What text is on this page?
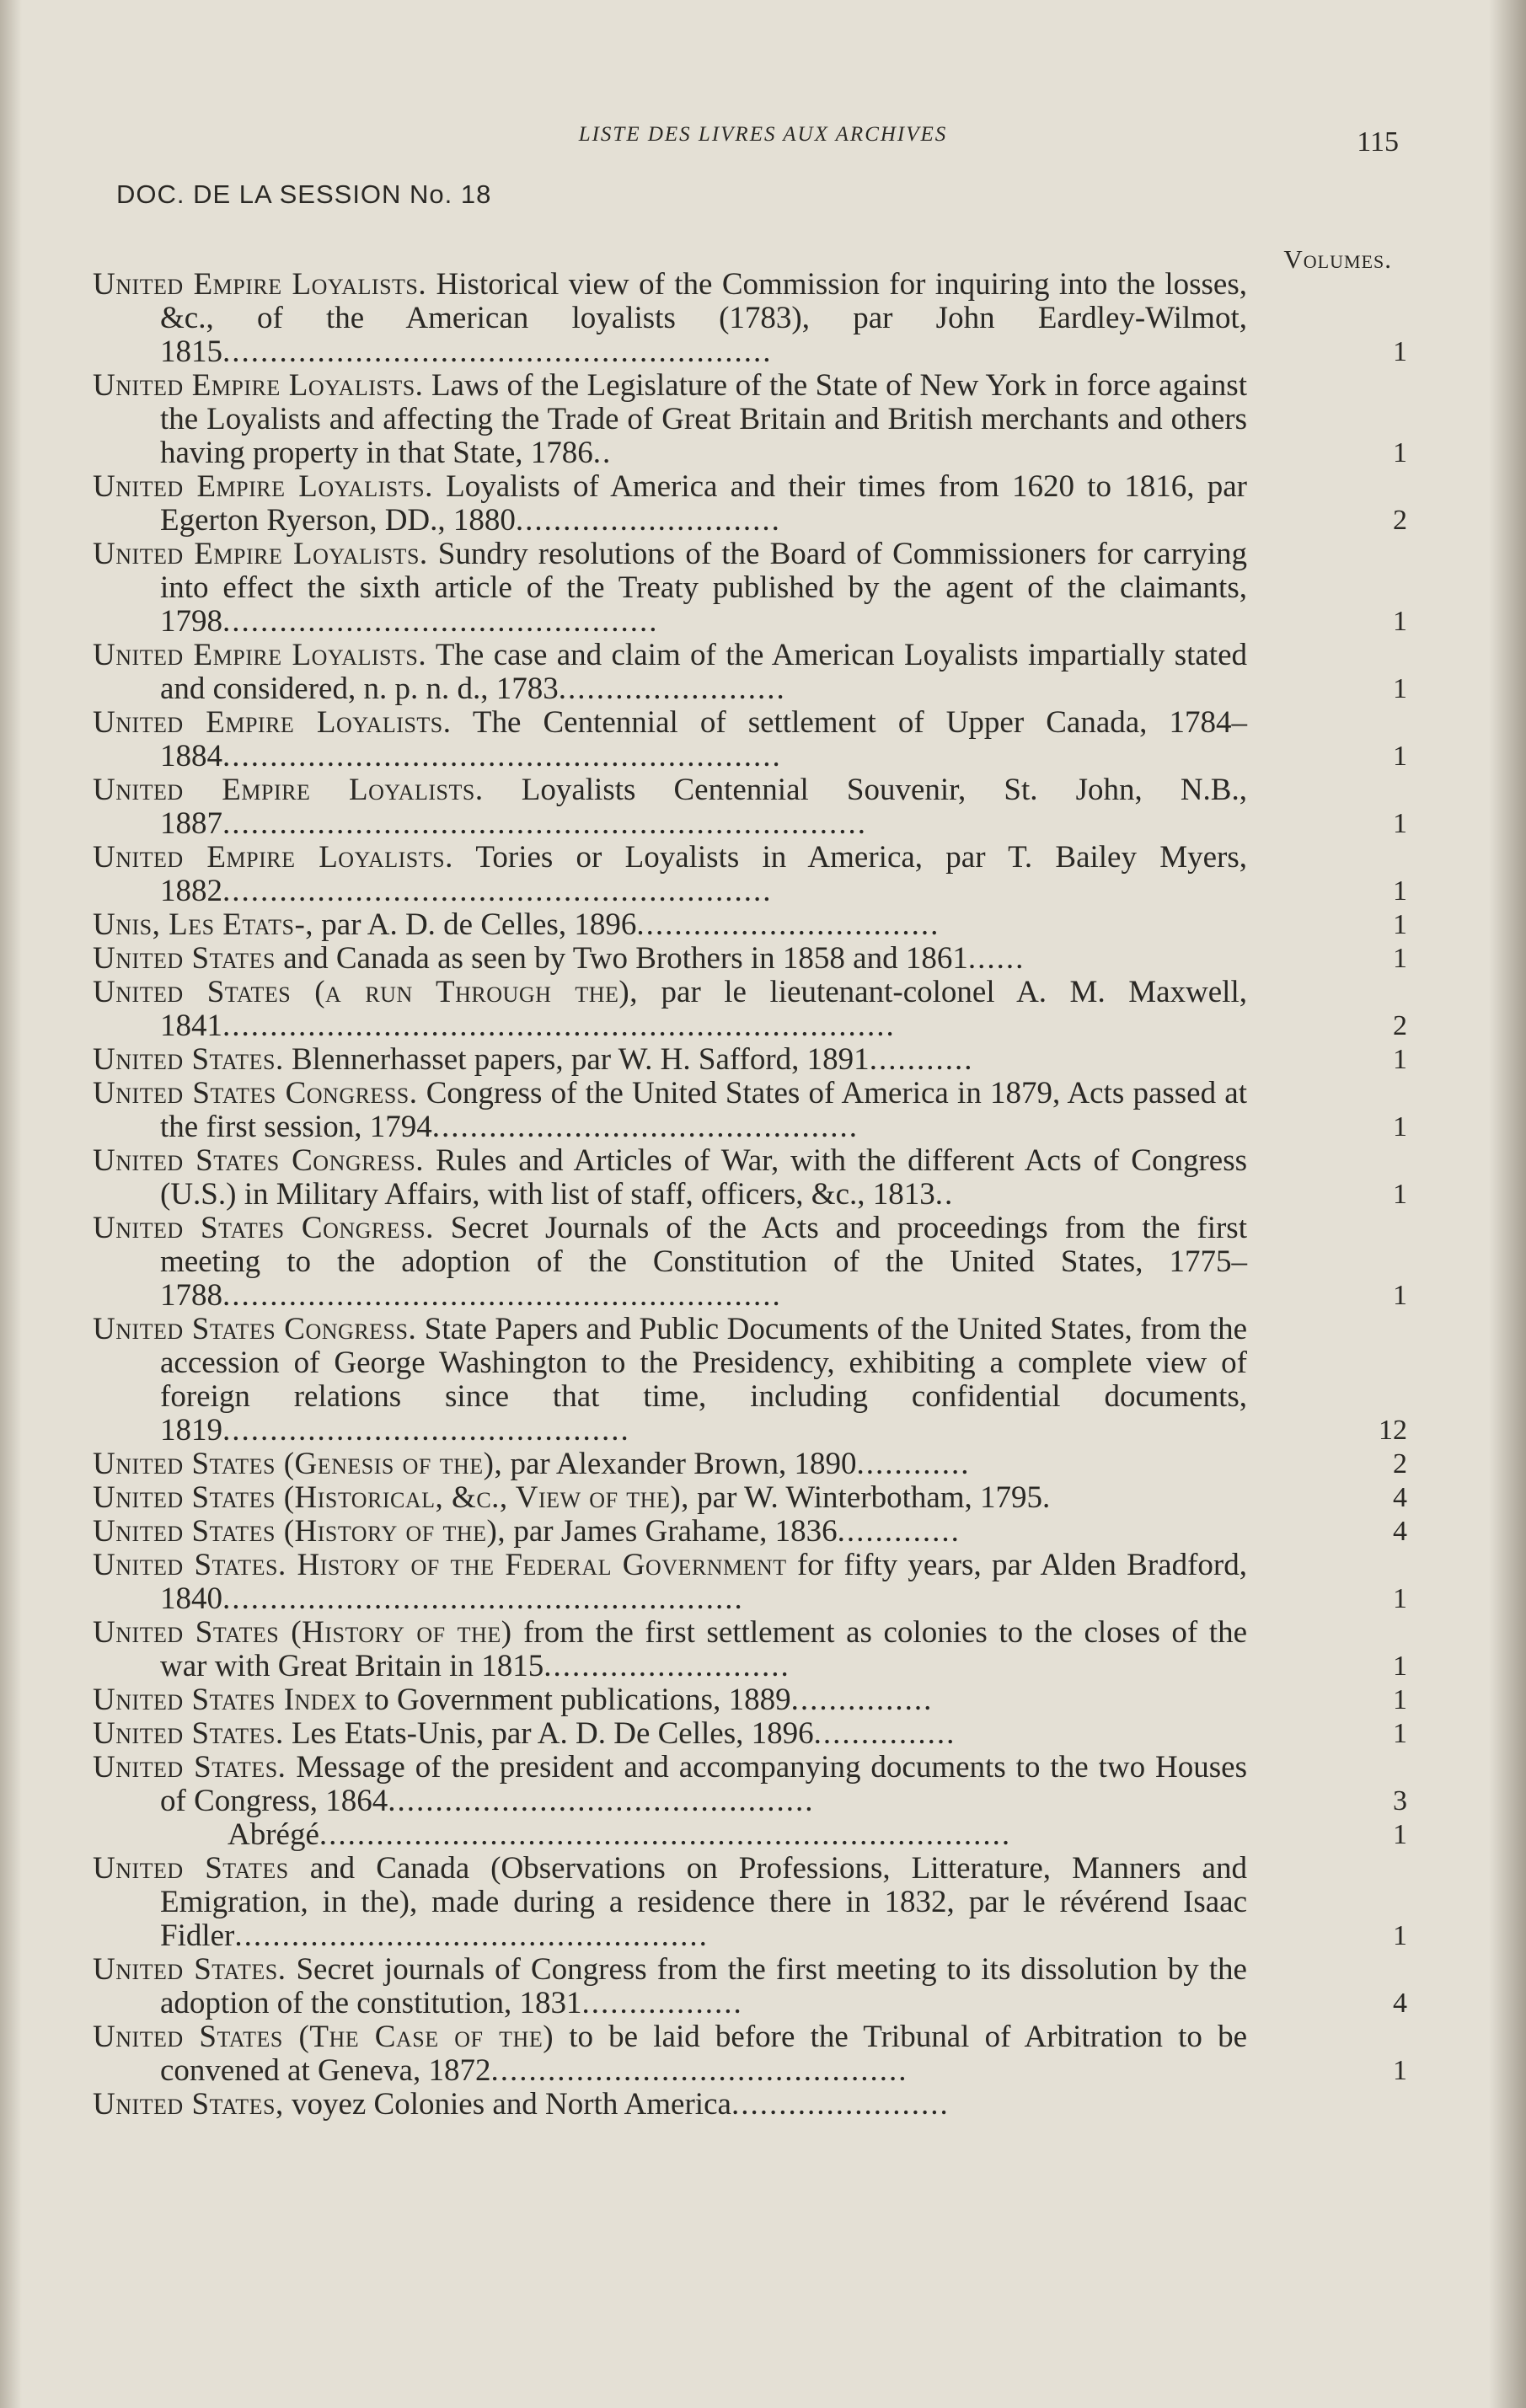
LISTE DES LIVRES AUX ARCHIVES	115
DOC. DE LA SESSION No. 18
Volumes.
United Empire Loyalists. Historical view of the Commission for inquiring into the losses, &c., of the American loyalists (1783), par John Eardley-Wilmot, 1815..........................................................	1
United Empire Loyalists. Laws of the Legislature of the State of New York in force against the Loyalists and affecting the Trade of Great Britain and British merchants and others having property in that State, 1786..	1
United Empire Loyalists. Loyalists of America and their times from 1620 to 1816, par Egerton Ryerson, DD., 1880............................	2
United Empire Loyalists. Sundry resolutions of the Board of Commissioners for carrying into effect the sixth article of the Treaty published by the agent of the claimants, 1798..............................................	1
United Empire Loyalists. The case and claim of the American Loyalists impartially stated and considered, n. p. n. d., 1783........................	1
United Empire Loyalists. The Centennial of settlement of Upper Canada, 1784–1884...........................................................	1
United Empire Loyalists. Loyalists Centennial Souvenir, St. John, N.B., 1887....................................................................	1
United Empire Loyalists. Tories or Loyalists in America, par T. Bailey Myers, 1882..........................................................	1
Unis, Les Etats-, par A. D. de Celles, 1896................................	1
United States and Canada as seen by Two Brothers in 1858 and 1861......	1
United States (a run Through the), par le lieutenant-colonel A. M. Maxwell, 1841.......................................................................	2
United States. Blennerhasset papers, par W. H. Safford, 1891...........	1
United States Congress. Congress of the United States of America in 1879, Acts passed at the first session, 1794.............................................	1
United States Congress. Rules and Articles of War, with the different Acts of Congress (U.S.) in Military Affairs, with list of staff, officers, &c., 1813..	1
United States Congress. Secret Journals of the Acts and proceedings from the first meeting to the adoption of the Constitution of the United States, 1775–1788...........................................................	1
United States Congress. State Papers and Public Documents of the United States, from the accession of George Washington to the Presidency, exhibiting a complete view of foreign relations since that time, including confidential documents, 1819...........................................	12
United States (Genesis of the), par Alexander Brown, 1890............	2
United States (Historical, &c., View of the), par W. Winterbotham, 1795.	4
United States (History of the), par James Grahame, 1836.............	4
United States. History of the Federal Government for fifty years, par Alden Bradford, 1840.......................................................	1
United States (History of the) from the first settlement as colonies to the closes of the war with Great Britain in 1815..........................	1
United States Index to Government publications, 1889...............	1
United States. Les Etats-Unis, par A. D. De Celles, 1896...............	1
United States. Message of the president and accompanying documents to the two Houses of Congress, 1864.............................................	3
Abrégé.........................................................................	1
United States and Canada (Observations on Professions, Litterature, Manners and Emigration, in the), made during a residence there in 1832, par le révérend Isaac Fidler..................................................	1
United States. Secret journals of Congress from the first meeting to its dissolution by the adoption of the constitution, 1831.................	4
United States (The Case of the) to be laid before the Tribunal of Arbitration to be convened at Geneva, 1872............................................	1
United States, voyez Colonies and North America.......................
